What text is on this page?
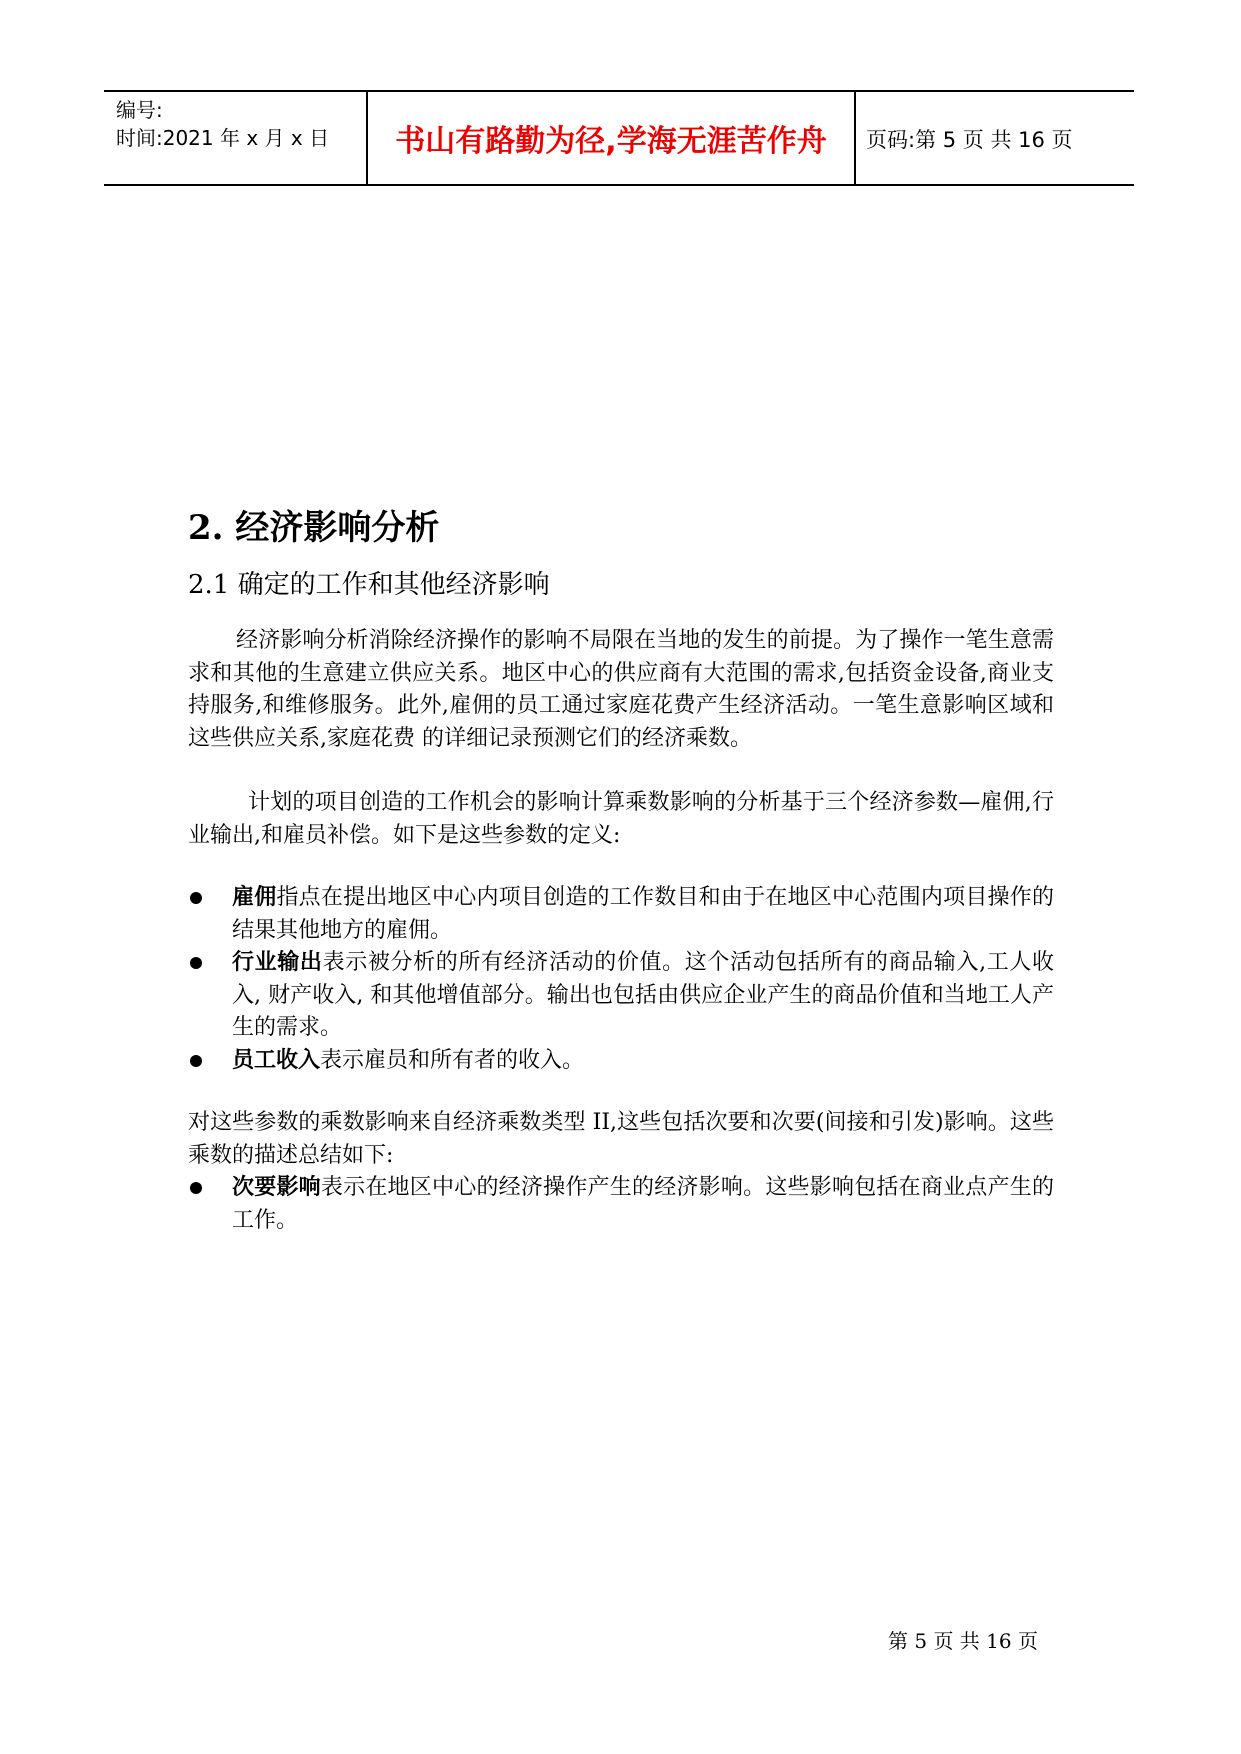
编号:
时间:2021 年 x 月 x 日	书山有路勤为径,学海无涯苦作舟	页码:第 5 页 共 16 页
2. 经济影响分析
2.1 确定的工作和其他经济影响

经济影响分析消除经济操作的影响不局限在当地的发生的前提。为了操作一笔生意需求和其他的生意建立供应关系。地区中心的供应商有大范围的需求,包括资金设备,商业支持服务,和维修服务。此外,雇佣的员工通过家庭花费产生经济活动。一笔生意影响区域和这些供应关系,家庭花费 的详细记录预测它们的经济乘数。

计划的项目创造的工作机会的影响计算乘数影响的分析基于三个经济参数—雇佣,行业输出,和雇员补偿。如下是这些参数的定义:

雇佣指点在提出地区中心内项目创造的工作数目和由于在地区中心范围内项目操作的结果其他地方的雇佣。
行业输出表示被分析的所有经济活动的价值。这个活动包括所有的商品输入,工人收入, 财产收入, 和其他增值部分。输出也包括由供应企业产生的商品价值和当地工人产生的需求。
员工收入表示雇员和所有者的收入。

对这些参数的乘数影响来自经济乘数类型 II,这些包括次要和次要(间接和引发)影响。这些乘数的描述总结如下:

次要影响表示在地区中心的经济操作产生的经济影响。这些影响包括在商业点产生的工作。
第 5 页 共 16 页
